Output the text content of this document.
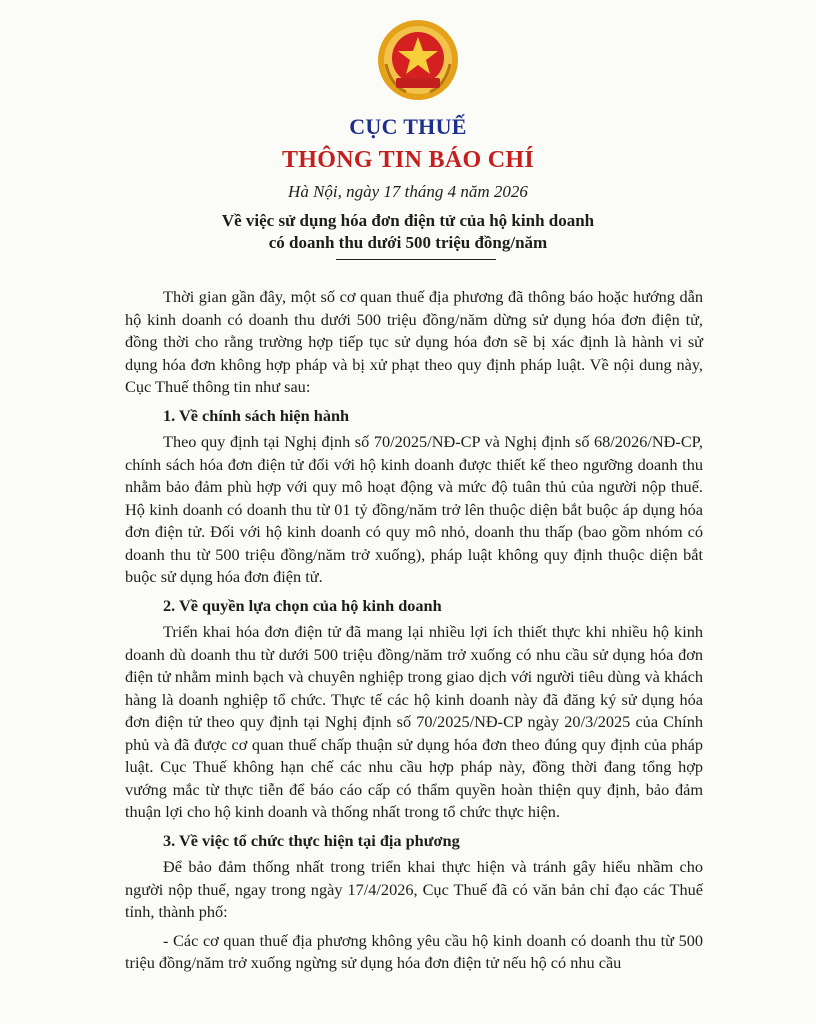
CỤC THUẾ
THÔNG TIN BÁO CHÍ
Hà Nội, ngày 17 tháng 4 năm 2026
Về việc sử dụng hóa đơn điện tử của hộ kinh doanh
có doanh thu dưới 500 triệu đồng/năm

Thời gian gần đây, một số cơ quan thuế địa phương đã thông báo hoặc hướng dẫn hộ kinh doanh có doanh thu dưới 500 triệu đồng/năm dừng sử dụng hóa đơn điện tử, đồng thời cho rằng trường hợp tiếp tục sử dụng hóa đơn sẽ bị xác định là hành vi sử dụng hóa đơn không hợp pháp và bị xử phạt theo quy định pháp luật. Về nội dung này, Cục Thuế thông tin như sau:

1. Về chính sách hiện hành

Theo quy định tại Nghị định số 70/2025/NĐ-CP và Nghị định số 68/2026/NĐ-CP, chính sách hóa đơn điện tử đối với hộ kinh doanh được thiết kế theo ngưỡng doanh thu nhằm bảo đảm phù hợp với quy mô hoạt động và mức độ tuân thủ của người nộp thuế. Hộ kinh doanh có doanh thu từ 01 tỷ đồng/năm trở lên thuộc diện bắt buộc áp dụng hóa đơn điện tử. Đối với hộ kinh doanh có quy mô nhỏ, doanh thu thấp (bao gồm nhóm có doanh thu từ 500 triệu đồng/năm trở xuống), pháp luật không quy định thuộc diện bắt buộc sử dụng hóa đơn điện tử.

2. Về quyền lựa chọn của hộ kinh doanh

Triển khai hóa đơn điện tử đã mang lại nhiều lợi ích thiết thực khi nhiều hộ kinh doanh dù doanh thu từ dưới 500 triệu đồng/năm trở xuống có nhu cầu sử dụng hóa đơn điện tử nhằm minh bạch và chuyên nghiệp trong giao dịch với người tiêu dùng và khách hàng là doanh nghiệp tổ chức. Thực tế các hộ kinh doanh này đã đăng ký sử dụng hóa đơn điện tử theo quy định tại Nghị định số 70/2025/NĐ-CP ngày 20/3/2025 của Chính phủ và đã được cơ quan thuế chấp thuận sử dụng hóa đơn theo đúng quy định của pháp luật. Cục Thuế không hạn chế các nhu cầu hợp pháp này, đồng thời đang tổng hợp vướng mắc từ thực tiễn để báo cáo cấp có thẩm quyền hoàn thiện quy định, bảo đảm thuận lợi cho hộ kinh doanh và thống nhất trong tổ chức thực hiện.

3. Về việc tổ chức thực hiện tại địa phương

Để bảo đảm thống nhất trong triển khai thực hiện và tránh gây hiểu nhầm cho người nộp thuế, ngay trong ngày 17/4/2026, Cục Thuế đã có văn bản chỉ đạo các Thuế tỉnh, thành phố:

- Các cơ quan thuế địa phương không yêu cầu hộ kinh doanh có doanh thu từ 500 triệu đồng/năm trở xuống ngừng sử dụng hóa đơn điện tử nếu hộ có nhu cầu
